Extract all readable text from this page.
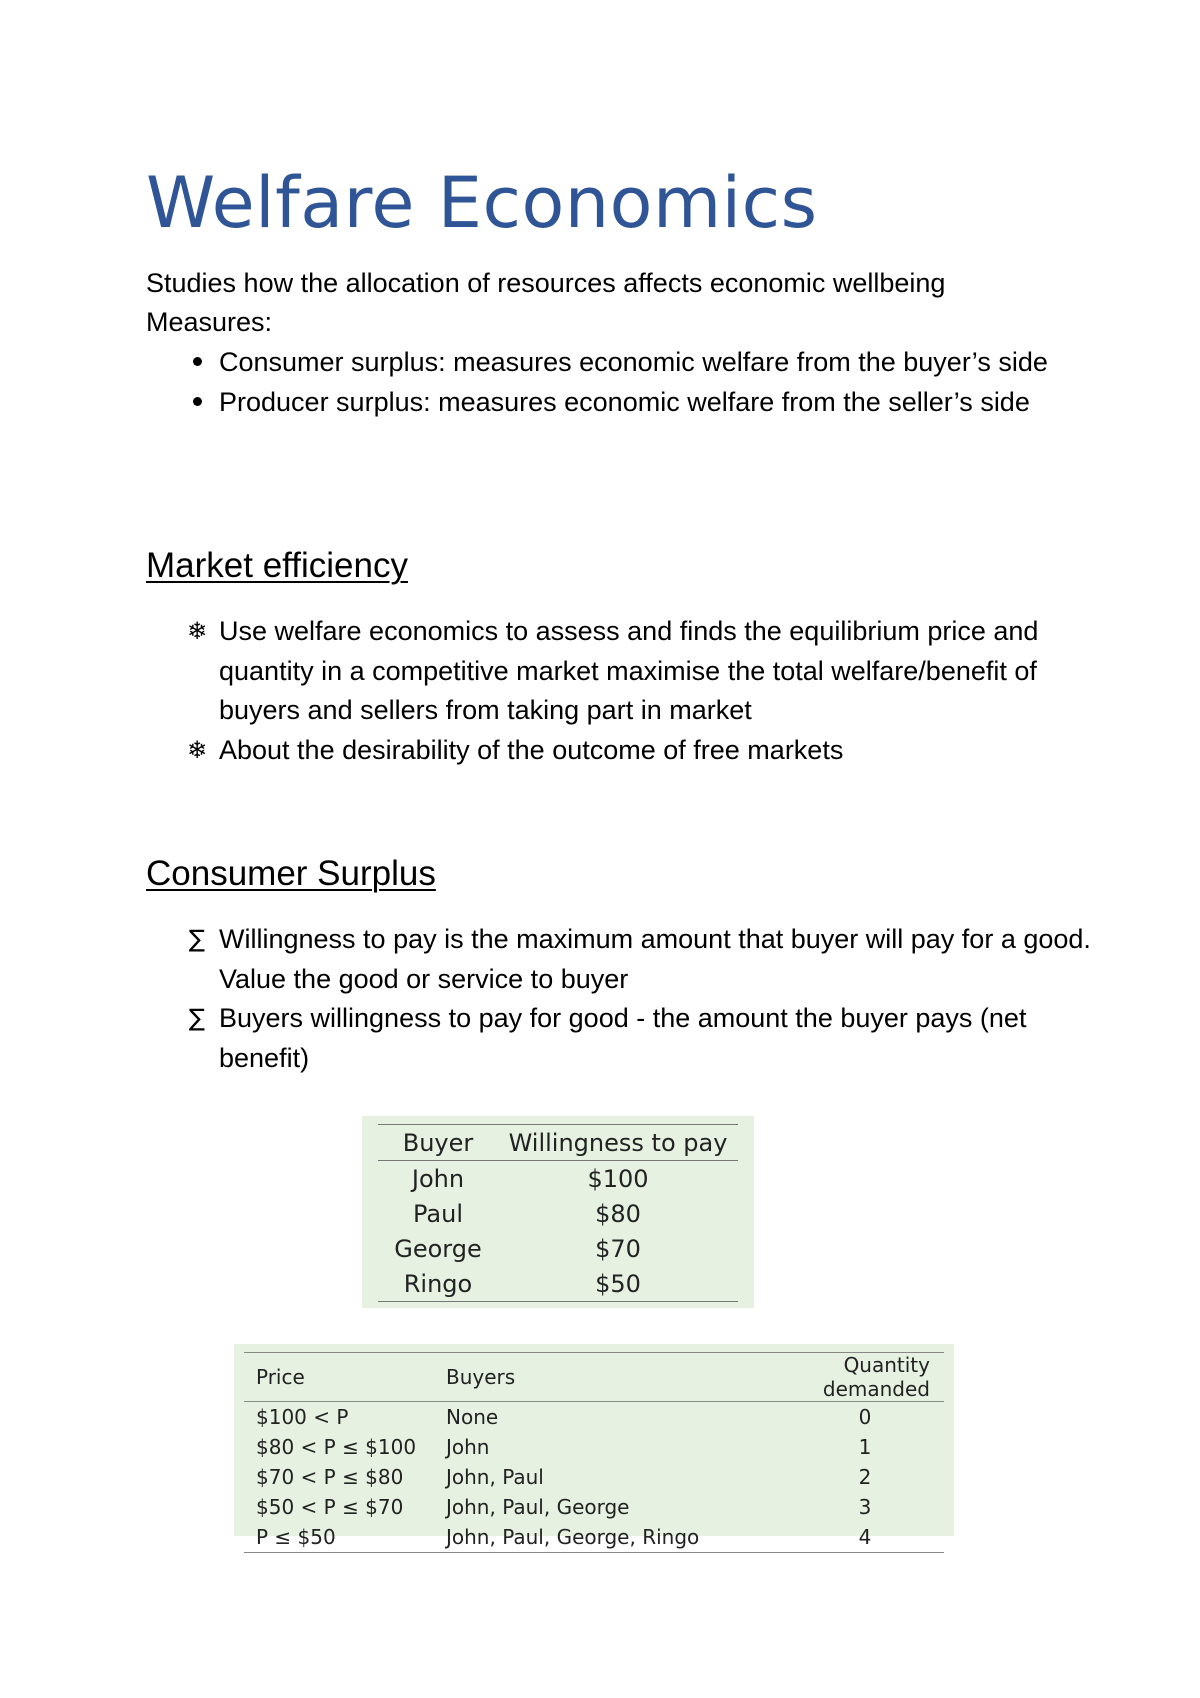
Welfare Economics
Studies how the allocation of resources affects economic wellbeing
Measures:
Consumer surplus: measures economic welfare from the buyer’s side
Producer surplus: measures economic welfare from the seller’s side
Market efficiency
❄ Use welfare economics to assess and finds the equilibrium price and quantity in a competitive market maximise the total welfare/benefit of buyers and sellers from taking part in market
❄ About the desirability of the outcome of free markets
Consumer Surplus
∑ Willingness to pay is the maximum amount that buyer will pay for a good. Value the good or service to buyer
∑ Buyers willingness to pay for good - the amount the buyer pays (net benefit)
Buyer	Willingness to pay
John	$100
Paul	$80
George	$70
Ringo	$50
Price	Buyers	Quantity demanded
$100 < P	None	0
$80 < P ≤ $100	John	1
$70 < P ≤ $80	John, Paul	2
$50 < P ≤ $70	John, Paul, George	3
P ≤ $50	John, Paul, George, Ringo	4
